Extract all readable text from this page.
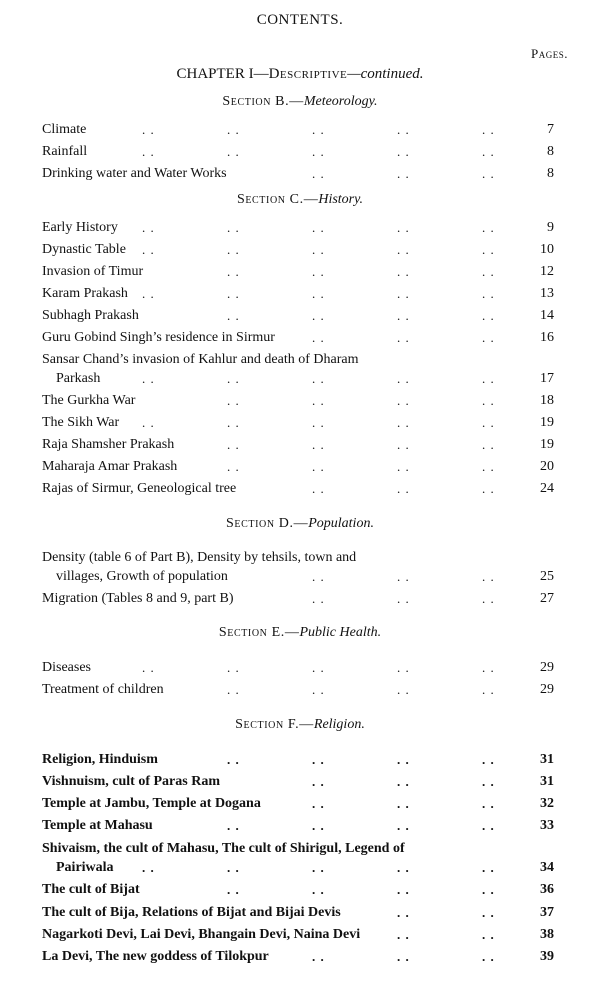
CONTENTS.
Pages.
CHAPTER I—Descriptive—continued.
Section B.—Meteorology.
Section C.—History.
Section D.—Population.
Section E.—Public Health.
Section F.—Religion.
Climate	7
. .	. .	. .	. .	. .
Rainfall	8
. .	. .	. .	. .	. .
Drinking water and Water Works	8
. .	. .	. .
Early History	9
. .	. .	. .	. .	. .
Dynastic Table	10
. .	. .	. .	. .	. .
Invasion of Timur	12
. .	. .	. .	. .
Karam Prakash	13
. .	. .	. .	. .	. .
Subhagh Prakash	14
. .	. .	. .	. .
Guru Gobind Singh’s residence in Sirmur	16
. .	. .	. .
Sansar Chand’s invasion of Kahlur and death of Dharam
Parkash	17
. .	. .	. .	. .	. .
The Gurkha War	18
. .	. .	. .	. .
The Sikh War	19
. .	. .	. .	. .	. .
Raja Shamsher Prakash	19
. .	. .	. .	. .
Maharaja Amar Prakash	20
. .	. .	. .	. .
Rajas of Sirmur, Geneological tree	24
. .	. .	. .
Density (table 6 of Part B), Density by tehsils, town and
villages, Growth of population	25
. .	. .	. .
Migration (Tables 8 and 9, part B)	27
. .	. .	. .
Diseases	29
. .	. .	. .	. .	. .
Treatment of children	29
. .	. .	. .	. .
Religion, Hinduism	31
. .	. .	. .	. .
Vishnuism, cult of Paras Ram	31
. .	. .	. .
Temple at Jambu, Temple at Dogana	32
. .	. .	. .
Temple at Mahasu	33
. .	. .	. .	. .
Shivaism, the cult of Mahasu, The cult of Shirigul, Legend of
Pairiwala	34
. .	. .	. .	. .	. .
The cult of Bijat	36
. .	. .	. .	. .
The cult of Bija, Relations of Bijat and Bijai Devis	37
. .	. .
Nagarkoti Devi, Lai Devi, Bhangain Devi, Naina Devi	38
. .	. .
La Devi, The new goddess of Tilokpur	39
. .	. .	. .
